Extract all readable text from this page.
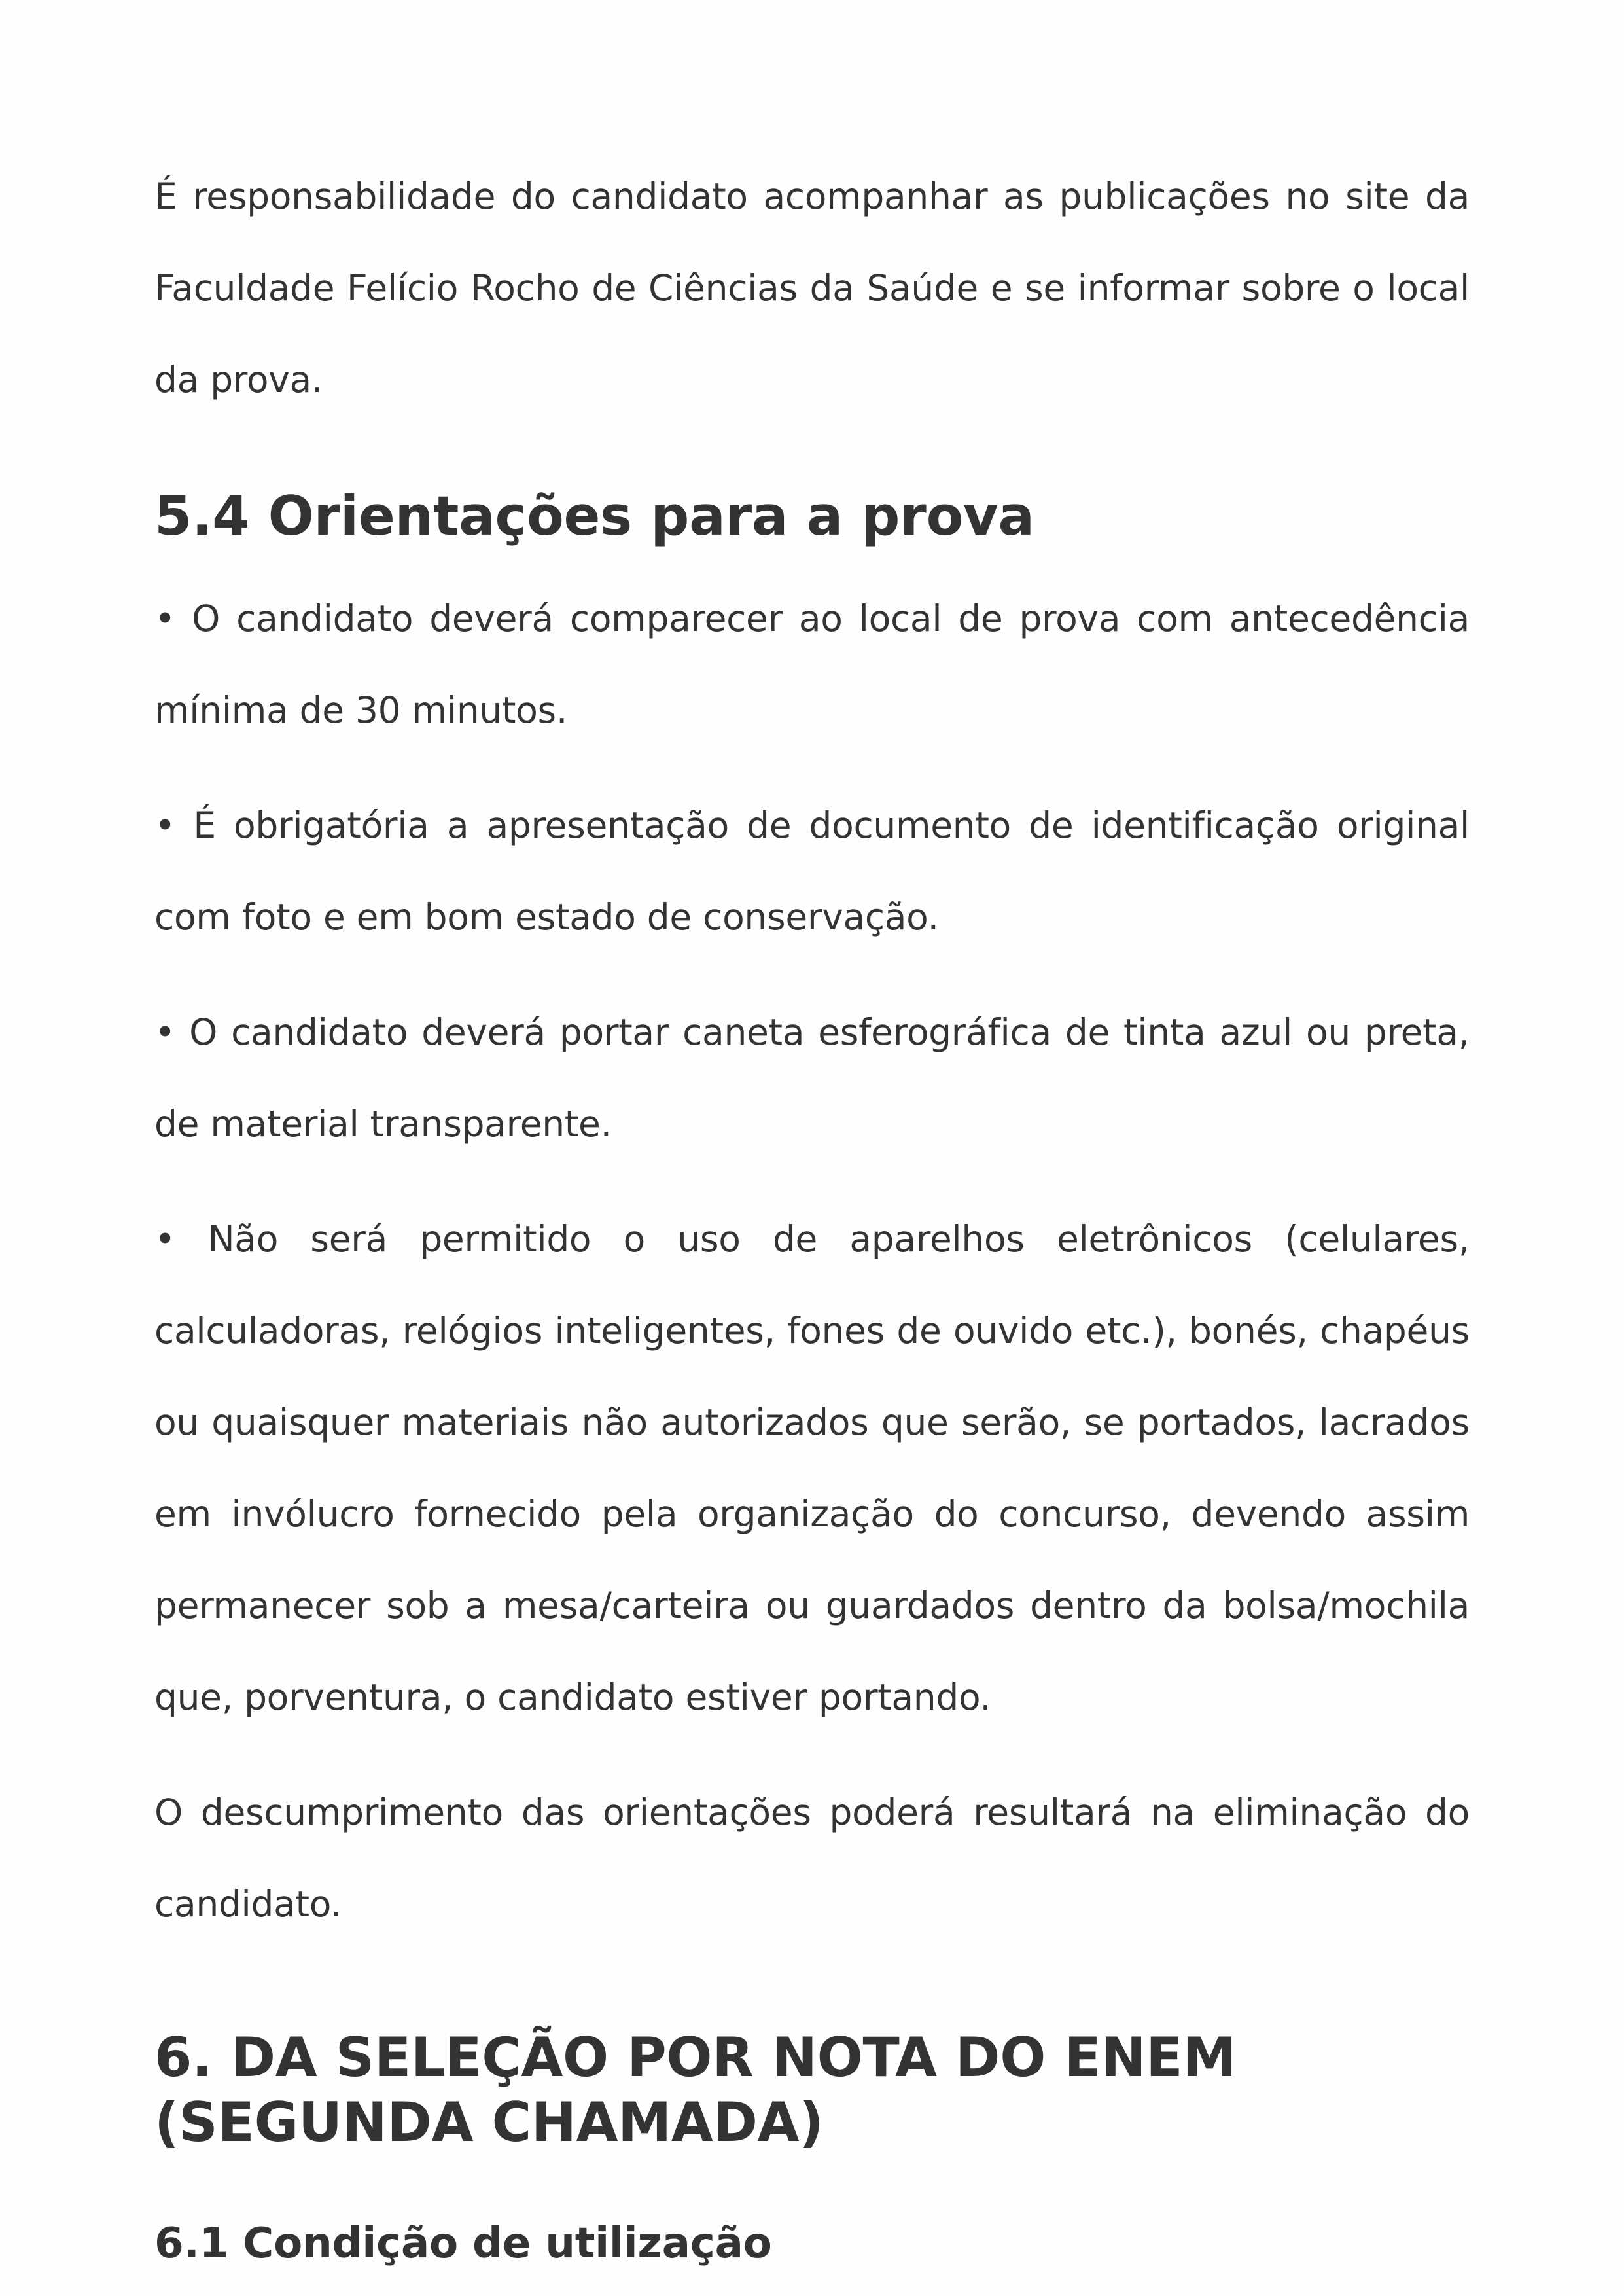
É responsabilidade do candidato acompanhar as publicações no site da Faculdade Felício Rocho de Ciências da Saúde e se informar sobre o local da prova.

5.4 Orientações para a prova

• O candidato deverá comparecer ao local de prova com antecedência mínima de 30 minutos.

• É obrigatória a apresentação de documento de identificação original com foto e em bom estado de conservação.

• O candidato deverá portar caneta esferográfica de tinta azul ou preta, de material transparente.

• Não será permitido o uso de aparelhos eletrônicos (celulares, calculadoras, relógios inteligentes, fones de ouvido etc.), bonés, chapéus ou quaisquer materiais não autorizados que serão, se portados, lacrados em invólucro fornecido pela organização do concurso, devendo assim permanecer sob a mesa/carteira ou guardados dentro da bolsa/mochila que, porventura, o candidato estiver portando.

O descumprimento das orientações poderá resultará na eliminação do candidato.

6. DA SELEÇÃO POR NOTA DO ENEM (SEGUNDA CHAMADA)
6.1 Condição de utilização
